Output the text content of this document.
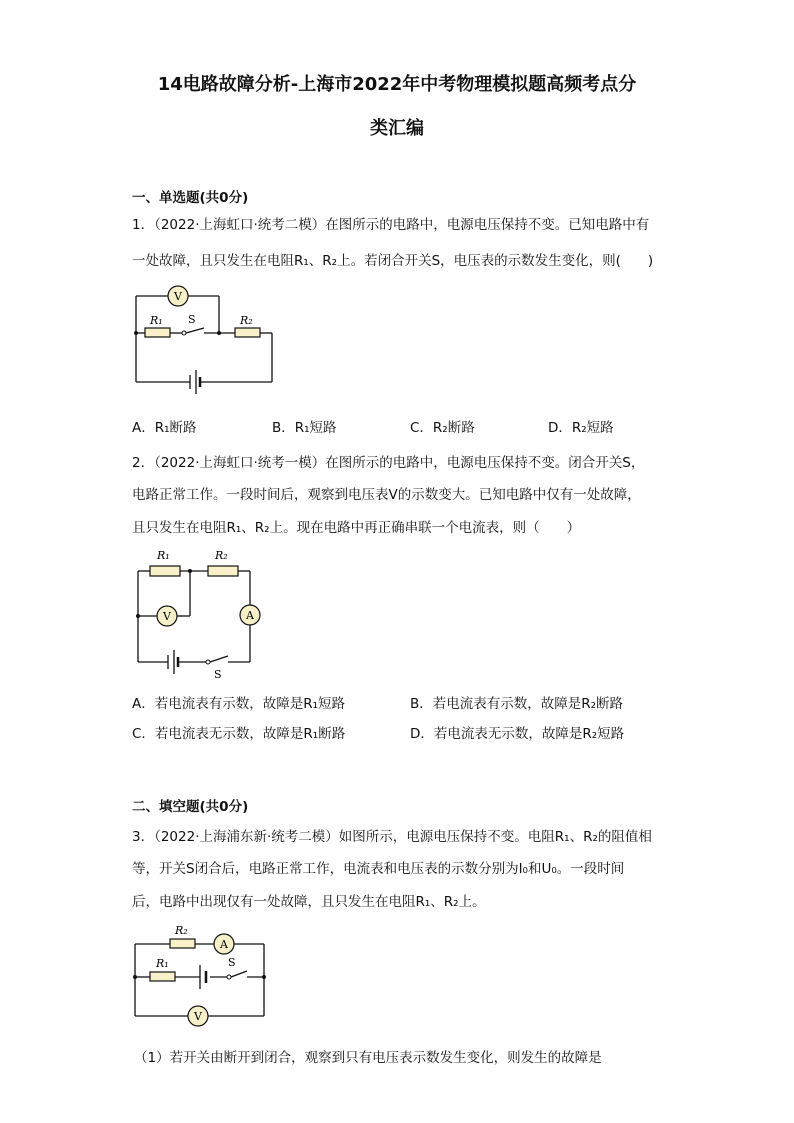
14电路故障分析-上海市2022年中考物理模拟题高频考点分
类汇编
一、单选题(共0分)
1．（2022·上海虹口·统考二模）在图所示的电路中，电源电压保持不变。已知电路中有
一处故障，且只发生在电阻R₁、R₂上。若闭合开关S，电压表的示数发生变化，则(　　)
V
R₁ S	R₂
A．R₁断路	B．R₁短路	C．R₂断路	D．R₂短路
2．（2022·上海虹口·统考一模）在图所示的电路中，电源电压保持不变。闭合开关S，
电路正常工作。一段时间后，观察到电压表V的示数变大。已知电路中仅有一处故障，
且只发生在电阻R₁、R₂上。现在电路中再正确串联一个电流表，则（　　）
R₁	R₂
V	A
S
A．若电流表有示数，故障是R₁短路	B．若电流表有示数，故障是R₂断路
C．若电流表无示数，故障是R₁断路	D．若电流表无示数，故障是R₂短路
二、填空题(共0分)
3．（2022·上海浦东新·统考二模）如图所示，电源电压保持不变。电阻R₁、R₂的阻值相
等，开关S闭合后，电路正常工作，电流表和电压表的示数分别为I₀和U₀。一段时间
后，电路中出现仅有一处故障，且只发生在电阻R₁、R₂上。
R₂
A
R₁	S
V
（1）若开关由断开到闭合，观察到只有电压表示数发生变化，则发生的故障是
